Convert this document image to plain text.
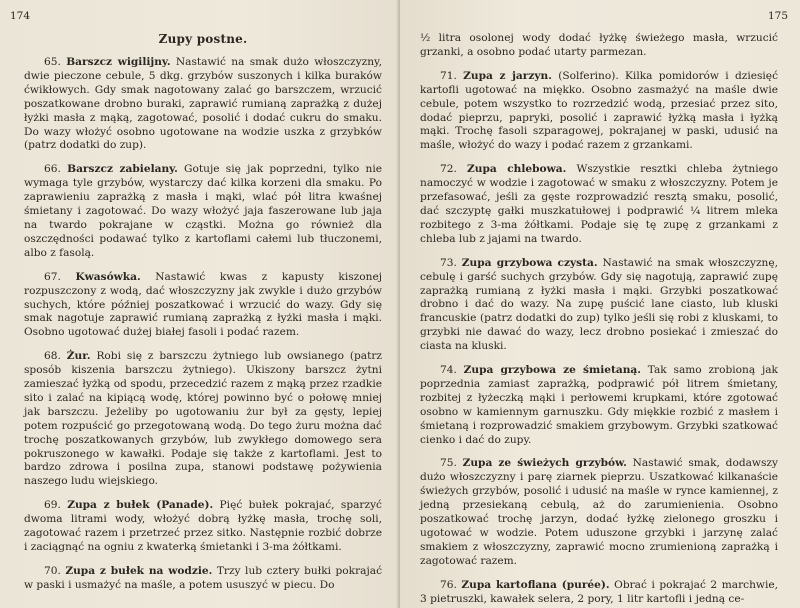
174
Zupy postne.

65. Barszcz wigilijny. Nastawić na smak dużo włoszczyzny, dwie pieczone cebule, 5 dkg. grzybów suszonych i kilka buraków ćwikłowych. Gdy smak nagotowany zalać go barszczem, wrzucić poszatkowane drobno buraki, zaprawić rumianą zaprażką z dużej łyżki masła z mąką, zagotować, posolić i dodać cukru do smaku. Do wazy włożyć osobno ugotowane na wodzie uszka z grzybków (patrz dodatki do zup).

66. Barszcz zabielany. Gotuje się jak poprzedni, tylko nie wymaga tyle grzybów, wystarczy dać kilka korzeni dla smaku. Po zaprawieniu zaprażką z masła i mąki, wlać pół litra kwaśnej śmietany i zagotować. Do wazy włożyć jaja faszerowane lub jaja na twardo pokrajane w cząstki. Można go również dla oszczędności podawać tylko z kartoflami całemi lub tłuczonemi, albo z fasolą.

67. Kwasówka. Nastawić kwas z kapusty kiszonej rozpuszczony z wodą, dać włoszczyzny jak zwykle i dużo grzybów suchych, które później poszatkować i wrzucić do wazy. Gdy się smak nagotuje zaprawić rumianą zaprażką z łyżki masła i mąki. Osobno ugotować dużej białej fasoli i podać razem.

68. Żur. Robi się z barszczu żytniego lub owsianego (patrz sposób kiszenia barszczu żytniego). Ukiszony barszcz żytni zamieszać łyżką od spodu, przecedzić razem z mąką przez rzadkie sito i zalać na kipiącą wodę, której powinno być o połowę mniej jak barszczu. Jeżeliby po ugotowaniu żur był za gęsty, lepiej potem rozpuścić go przegotowaną wodą. Do tego żuru można dać trochę poszatkowanych grzybów, lub zwykłego domowego sera pokruszonego w kawałki. Podaje się także z kartoflami. Jest to bardzo zdrowa i posilna zupa, stanowi podstawę pożywienia naszego ludu wiejskiego.

69. Zupa z bułek (Panade). Pięć bułek pokrajać, sparzyć dwoma litrami wody, włożyć dobrą łyżkę masła, trochę soli, zagotować razem i przetrzeć przez sitko. Następnie rozbić dobrze i zaciągnąć na ogniu z kwaterką śmietanki i 3-ma żółtkami.

70. Zupa z bułek na wodzie. Trzy lub cztery bułki pokrajać w paski i usmażyć na maśle, a potem ususzyć w piecu. Do

175

½ litra osolonej wody dodać łyżkę świeżego masła, wrzucić grzanki, a osobno podać utarty parmezan.

71. Zupa z jarzyn. (Solferino). Kilka pomidorów i dziesięć kartofli ugotować na miękko. Osobno zasmażyć na maśle dwie cebule, potem wszystko to rozrzedzić wodą, przesiać przez sito, dodać pieprzu, papryki, posolić i zaprawić łyżką masła i łyżką mąki. Trochę fasoli szparagowej, pokrajanej w paski, udusić na maśle, włożyć do wazy i podać razem z grzankami.

72. Zupa chlebowa. Wszystkie resztki chleba żytniego namoczyć w wodzie i zagotować w smaku z włoszczyzny. Potem je przefasować, jeśli za gęste rozprowadzić resztą smaku, posolić, dać szczyptę gałki muszkatułowej i podprawić ¼ litrem mleka rozbitego z 3-ma żółtkami. Podaje się tę zupę z grzankami z chleba lub z jajami na twardo.

73. Zupa grzybowa czysta. Nastawić na smak włoszczyznę, cebulę i garść suchych grzybów. Gdy się nagotują, zaprawić zupę zaprażką rumianą z łyżki masła i mąki. Grzybki poszatkować drobno i dać do wazy. Na zupę puścić lane ciasto, lub kluski francuskie (patrz dodatki do zup) tylko jeśli się robi z kluskami, to grzybki nie dawać do wazy, lecz drobno posiekać i zmieszać do ciasta na kluski.

74. Zupa grzybowa ze śmietaną. Tak samo zrobioną jak poprzednia zamiast zaprażką, podprawić pół litrem śmietany, rozbitej z łyżeczką mąki i perłowemi krupkami, które zgotować osobno w kamiennym garnuszku. Gdy miękkie rozbić z masłem i śmietaną i rozprowadzić smakiem grzybowym. Grzybki szatkować cienko i dać do zupy.

75. Zupa ze świeżych grzybów. Nastawić smak, dodawszy dużo włoszczyzny i parę ziarnek pieprzu. Uszatkować kilkanaście świeżych grzybów, posolić i udusić na maśle w rynce kamiennej, z jedną przesiekaną cebulą, aż do zarumienienia. Osobno poszatkować trochę jarzyn, dodać łyżkę zielonego groszku i ugotować w wodzie. Potem uduszone grzybki i jarzynę zalać smakiem z włoszczyzny, zaprawić mocno zrumienioną zaprażką i zagotować razem.

76. Zupa kartoflana (purée). Obrać i pokrajać 2 marchwie, 3 pietruszki, kawałek selera, 2 pory, 1 litr kartofli i jedną ce-
